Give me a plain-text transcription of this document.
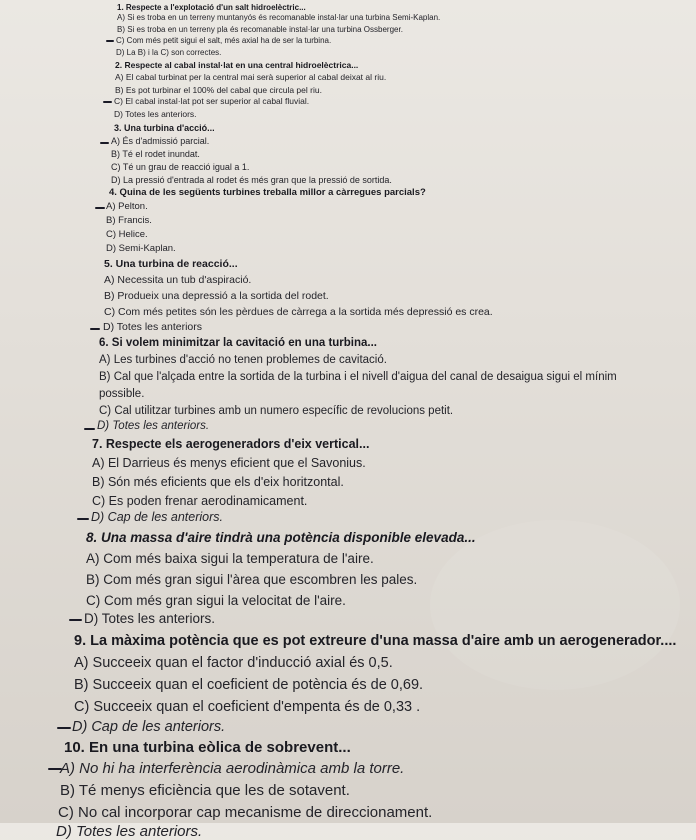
1. Respecte a l'explotació d'un salt hidroelèctric...
A) Si es troba en un terreny muntanyós és recomanable instal·lar una turbina Semi-Kaplan.
B) Si es troba en un terreny pla és recomanable instal·lar una turbina Ossberger.
C) Com més petit sigui el salt, més axial ha de ser la turbina.
D) La B) i la C) son correctes.
2. Respecte al cabal instal·lat en una central hidroelèctrica...
A) El cabal turbinat per la central mai serà superior al cabal deixat al riu.
B) Es pot turbinar el 100% del cabal que circula pel riu.
C) El cabal instal·lat pot ser superior al cabal fluvial.
D) Totes les anteriors.
3. Una turbina d'acció...
A) És d'admissió parcial.
B) Té el rodet inundat.
C) Té un grau de reacció igual a 1.
D) La pressió d'entrada al rodet és més gran que la pressió de sortida.
4. Quina de les següents turbines treballa millor a càrregues parcials?
A) Pelton.
B) Francis.
C) Helice.
D) Semi-Kaplan.
5. Una turbina de reacció...
A) Necessita un tub d'aspiració.
B) Produeix una depressió a la sortida del rodet.
C) Com més petites són les pèrdues de càrrega a la sortida més depressió es crea.
D) Totes les anteriors
6. Si volem minimitzar la cavitació en una turbina...
A) Les turbines d'acció no tenen problemes de cavitació.
B) Cal que l'alçada entre la sortida de la turbina i el nivell d'aigua del canal de desaigua sigui el mínim
possible.
C) Cal utilitzar turbines amb un numero específic de revolucions petit.
D) Totes les anteriors.
7. Respecte els aerogeneradors d'eix vertical...
A) El Darrieus és menys eficient que el Savonius.
B) Són més eficients que els d'eix horitzontal.
C) Es poden frenar aerodinamicament.
D) Cap de les anteriors.
8. Una massa d'aire tindrà una potència disponible elevada...
A) Com més baixa sigui la temperatura de l'aire.
B) Com més gran sigui l'àrea que escombren les pales.
C) Com més gran sigui la velocitat de l'aire.
D) Totes les anteriors.
9. La màxima potència que es pot extreure d'una massa d'aire amb un aerogenerador....
A) Succeeix quan el factor d'inducció axial és 0,5.
B) Succeeix quan el coeficient de potència és de 0,69.
C) Succeeix quan el coeficient d'empenta és de 0,33 .
D) Cap de les anteriors.
10. En una turbina eòlica de sobrevent...
A) No hi ha interferència aerodinàmica amb la torre.
B) Té menys eficiència que les de sotavent.
C) No cal incorporar cap mecanisme de direccionament.
D) Totes les anteriors.
